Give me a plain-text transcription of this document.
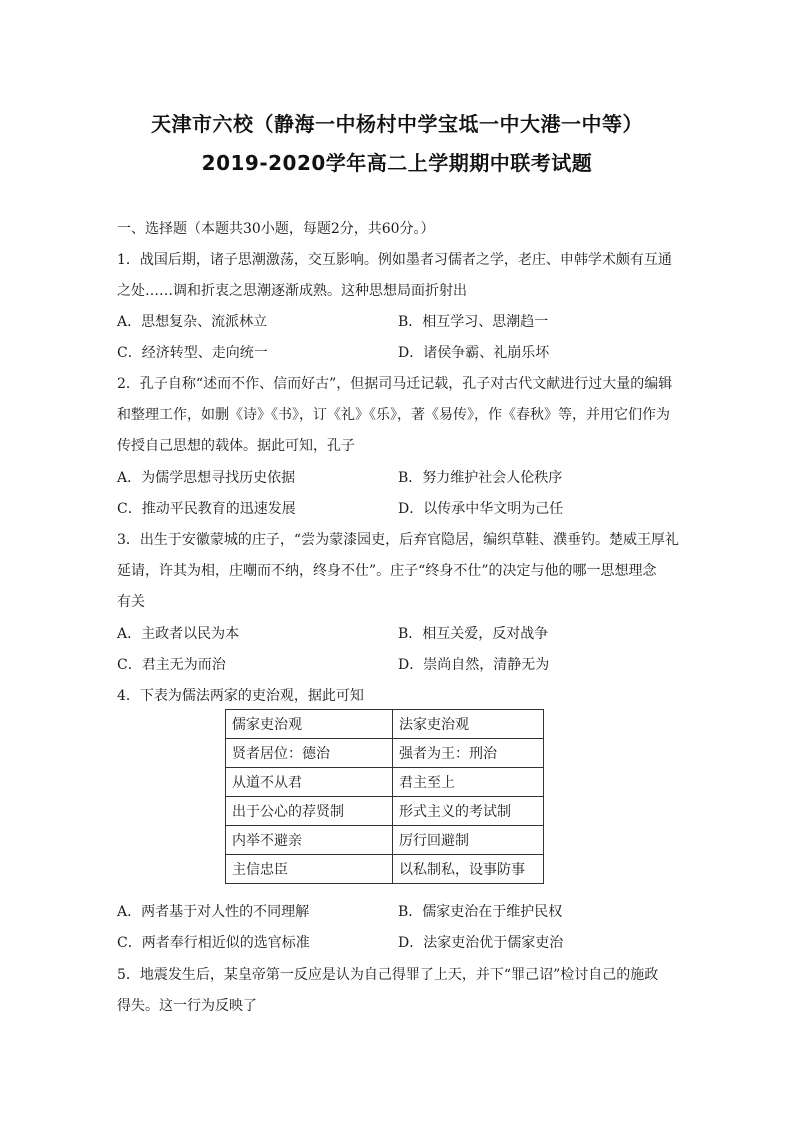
天津市六校（静海一中杨村中学宝坻一中大港一中等）
2019-2020学年高二上学期期中联考试题
一、选择题（本题共30小题，每题2分，共60分。）
1．战国后期，诸子思潮激荡，交互影响。例如墨者习儒者之学，老庄、申韩学术颇有互通
之处……调和折衷之思潮逐渐成熟。这种思想局面折射出
A．思想复杂、流派林立	B．相互学习、思潮趋一
C．经济转型、走向统一	D．诸侯争霸、礼崩乐坏
2．孔子自称“述而不作、信而好古”，但据司马迁记载，孔子对古代文献进行过大量的编辑
和整理工作，如删《诗》《书》，订《礼》《乐》，著《易传》，作《春秋》等，并用它们作为
传授自己思想的载体。据此可知，孔子
A．为儒学思想寻找历史依据	B．努力维护社会人伦秩序
C．推动平民教育的迅速发展	D．以传承中华文明为己任
3．出生于安徽蒙城的庄子，“尝为蒙漆园吏，后弃官隐居，编织草鞋、濮垂钓。楚威王厚礼
延请，许其为相，庄嘲而不纳，终身不仕”。庄子“终身不仕”的决定与他的哪一思想理念
有关
A．主政者以民为本	B．相互关爱，反对战争
C．君主无为而治	D．崇尚自然，清静无为
4．下表为儒法两家的吏治观，据此可知
儒家吏治观	法家吏治观
贤者居位：德治	强者为王：刑治
从道不从君	君主至上
出于公心的荐贤制	形式主义的考试制
内举不避亲	厉行回避制
主信忠臣	以私制私，设事防事
A．两者基于对人性的不同理解	B．儒家吏治在于维护民权
C．两者奉行相近似的选官标准	D．法家吏治优于儒家吏治
5．地震发生后，某皇帝第一反应是认为自己得罪了上天，并下“罪己诏”检讨自己的施政
得失。这一行为反映了
